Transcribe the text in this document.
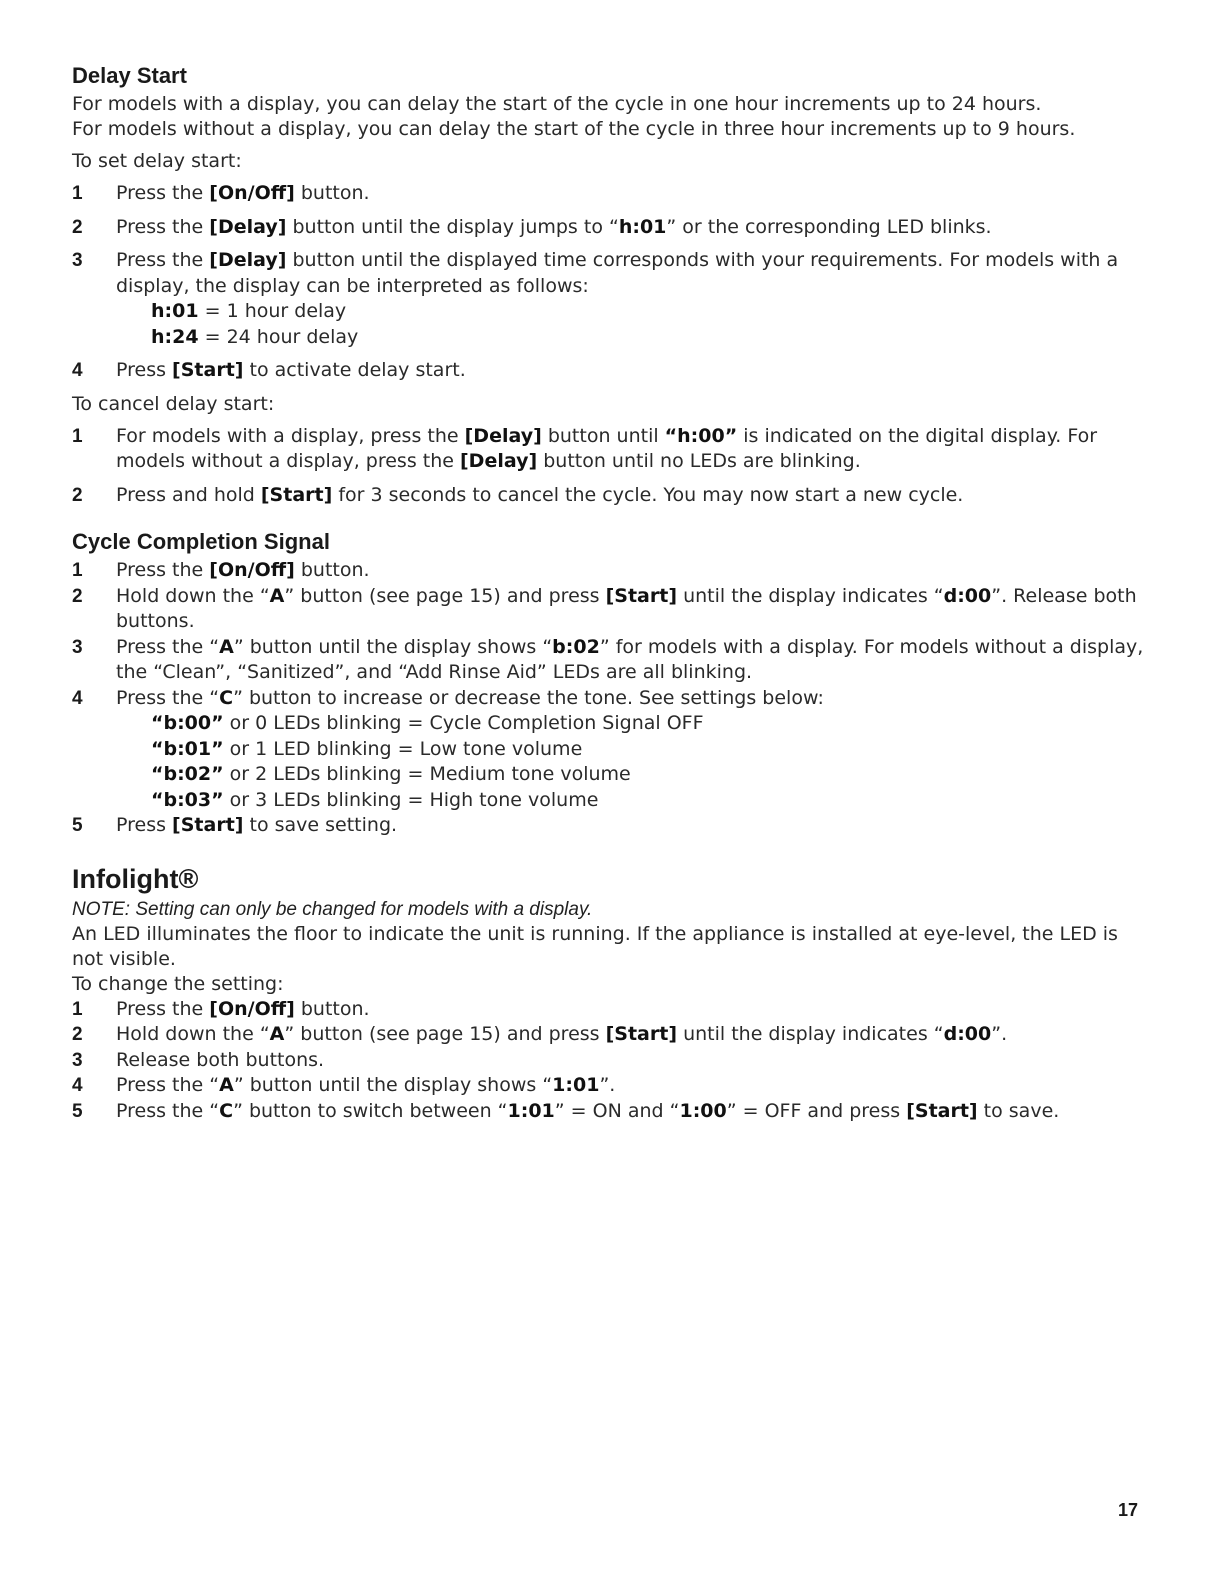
Delay Start

For models with a display, you can delay the start of the cycle in one hour increments up to 24 hours.

For models without a display, you can delay the start of the cycle in three hour increments up to 9 hours.

To set delay start:

1 Press the [On/Off] button.
2 Press the [Delay] button until the display jumps to “h:01” or the corresponding LED blinks.
3 Press the [Delay] button until the displayed time corresponds with your requirements. For models with a display, the display can be interpreted as follows:
h:01 = 1 hour delay
h:24 = 24 hour delay
4 Press [Start] to activate delay start.

To cancel delay start:

1 For models with a display, press the [Delay] button until “h:00” is indicated on the digital display. For models without a display, press the [Delay] button until no LEDs are blinking.
2 Press and hold [Start] for 3 seconds to cancel the cycle. You may now start a new cycle.
Cycle Completion Signal
1 Press the [On/Off] button.
2 Hold down the “A” button (see page 15) and press [Start] until the display indicates “d:00”. Release both buttons.
3 Press the “A” button until the display shows “b:02” for models with a display. For models without a display, the “Clean”, “Sanitized”, and “Add Rinse Aid” LEDs are all blinking.
4 Press the “C” button to increase or decrease the tone. See settings below:
“b:00” or 0 LEDs blinking = Cycle Completion Signal OFF
“b:01” or 1 LED blinking = Low tone volume
“b:02” or 2 LEDs blinking = Medium tone volume
“b:03” or 3 LEDs blinking = High tone volume
5 Press [Start] to save setting.
Infolight®

NOTE: Setting can only be changed for models with a display.

An LED illuminates the floor to indicate the unit is running. If the appliance is installed at eye-level, the LED is not visible.

To change the setting:

1 Press the [On/Off] button.
2 Hold down the “A” button (see page 15) and press [Start] until the display indicates “d:00”.
3 Release both buttons.
4 Press the “A” button until the display shows “1:01”.
5 Press the “C” button to switch between “1:01” = ON and “1:00” = OFF and press [Start] to save.
17
